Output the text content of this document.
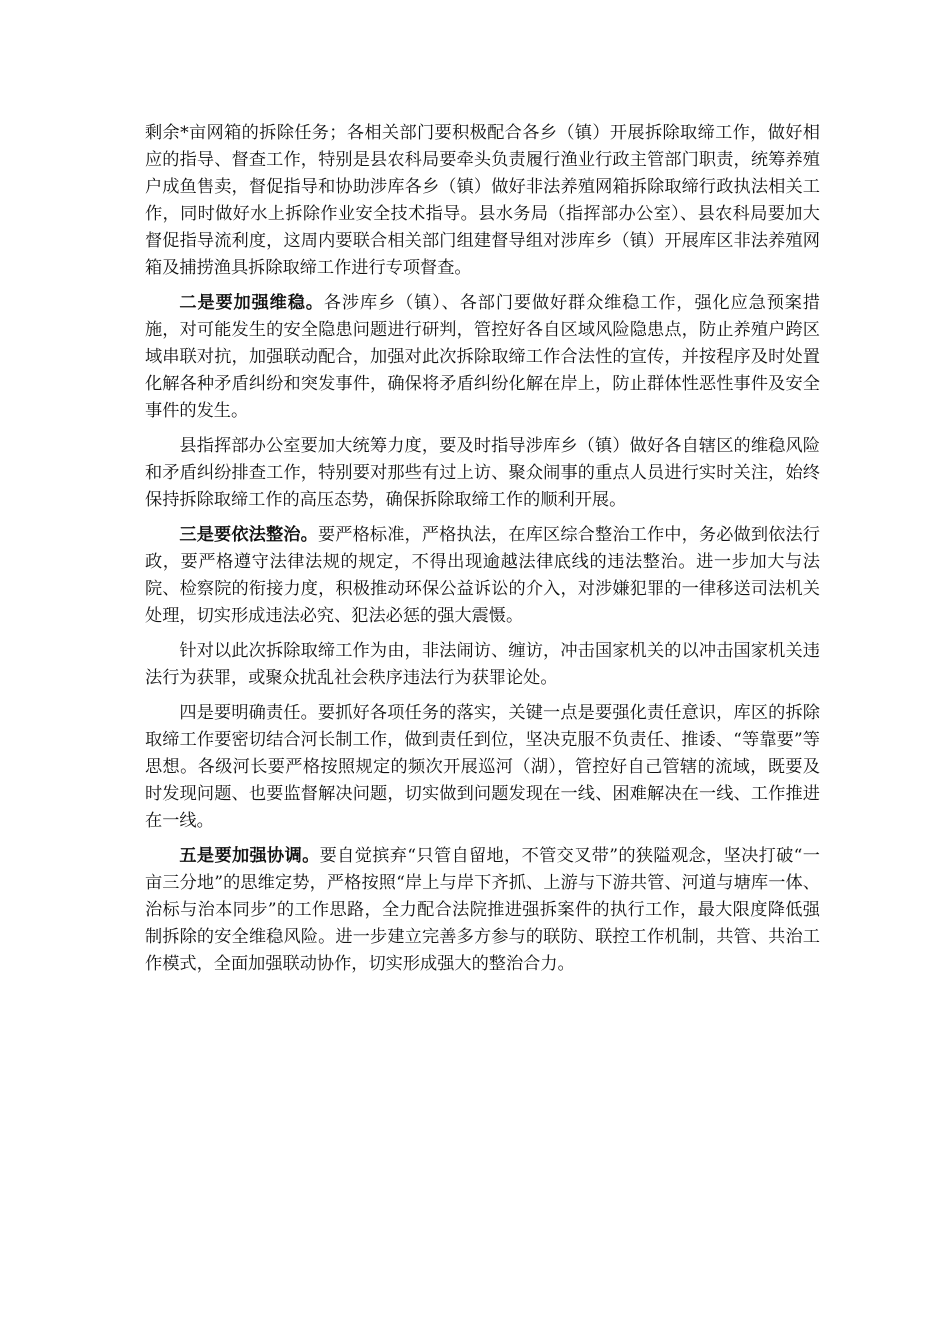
剩余*亩网箱的拆除任务；各相关部门要积极配合各乡（镇）开展拆除取缔工作，做好相应的指导、督查工作，特别是县农科局要牵头负责履行渔业行政主管部门职责，统筹养殖户成鱼售卖，督促指导和协助涉库各乡（镇）做好非法养殖网箱拆除取缔行政执法相关工作，同时做好水上拆除作业安全技术指导。县水务局（指挥部办公室）、县农科局要加大督促指导流利度，这周内要联合相关部门组建督导组对涉库乡（镇）开展库区非法养殖网箱及捕捞渔具拆除取缔工作进行专项督查。

二是要加强维稳。各涉库乡（镇）、各部门要做好群众维稳工作，强化应急预案措施，对可能发生的安全隐患问题进行研判，管控好各自区域风险隐患点，防止养殖户跨区域串联对抗，加强联动配合，加强对此次拆除取缔工作合法性的宣传，并按程序及时处置化解各种矛盾纠纷和突发事件，确保将矛盾纠纷化解在岸上，防止群体性恶性事件及安全事件的发生。

县指挥部办公室要加大统筹力度，要及时指导涉库乡（镇）做好各自辖区的维稳风险和矛盾纠纷排查工作，特别要对那些有过上访、聚众闹事的重点人员进行实时关注，始终保持拆除取缔工作的高压态势，确保拆除取缔工作的顺利开展。

三是要依法整治。要严格标准，严格执法，在库区综合整治工作中，务必做到依法行政，要严格遵守法律法规的规定，不得出现逾越法律底线的违法整治。进一步加大与法院、检察院的衔接力度，积极推动环保公益诉讼的介入，对涉嫌犯罪的一律移送司法机关处理，切实形成违法必究、犯法必惩的强大震慑。

针对以此次拆除取缔工作为由，非法闹访、缠访，冲击国家机关的以冲击国家机关违法行为获罪，或聚众扰乱社会秩序违法行为获罪论处。

四是要明确责任。要抓好各项任务的落实，关键一点是要强化责任意识，库区的拆除取缔工作要密切结合河长制工作，做到责任到位，坚决克服不负责任、推诿、“等靠要”等思想。各级河长要严格按照规定的频次开展巡河（湖），管控好自己管辖的流域，既要及时发现问题、也要监督解决问题，切实做到问题发现在一线、困难解决在一线、工作推进在一线。

五是要加强协调。要自觉摈弃“只管自留地，不管交叉带”的狭隘观念，坚决打破“一亩三分地”的思维定势，严格按照“岸上与岸下齐抓、上游与下游共管、河道与塘库一体、治标与治本同步”的工作思路，全力配合法院推进强拆案件的执行工作，最大限度降低强制拆除的安全维稳风险。进一步建立完善多方参与的联防、联控工作机制，共管、共治工作模式，全面加强联动协作，切实形成强大的整治合力。
